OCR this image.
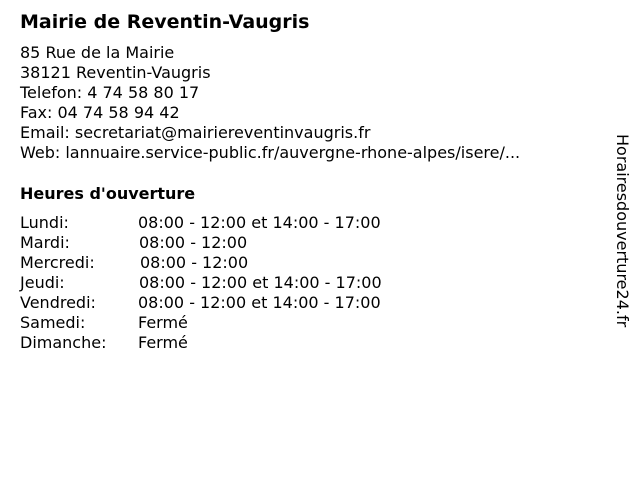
Mairie de Reventin-Vaugris
85 Rue de la Mairie
38121 Reventin-Vaugris
Telefon: 4 74 58 80 17
Fax: 04 74 58 94 42
Email: secretariat@mairiereventinvaugris.fr
Web: lannuaire.service-public.fr/auvergne-rhone-alpes/isere/...
Heures d'ouverture
Lundi:	08:00 - 12:00 et 14:00 - 17:00
Mardi:	08:00 - 12:00
Mercredi:	08:00 - 12:00
Jeudi:	08:00 - 12:00 et 14:00 - 17:00
Vendredi:	08:00 - 12:00 et 14:00 - 17:00
Samedi:	Fermé
Dimanche: Fermé
Horairesdouverture24.fr
